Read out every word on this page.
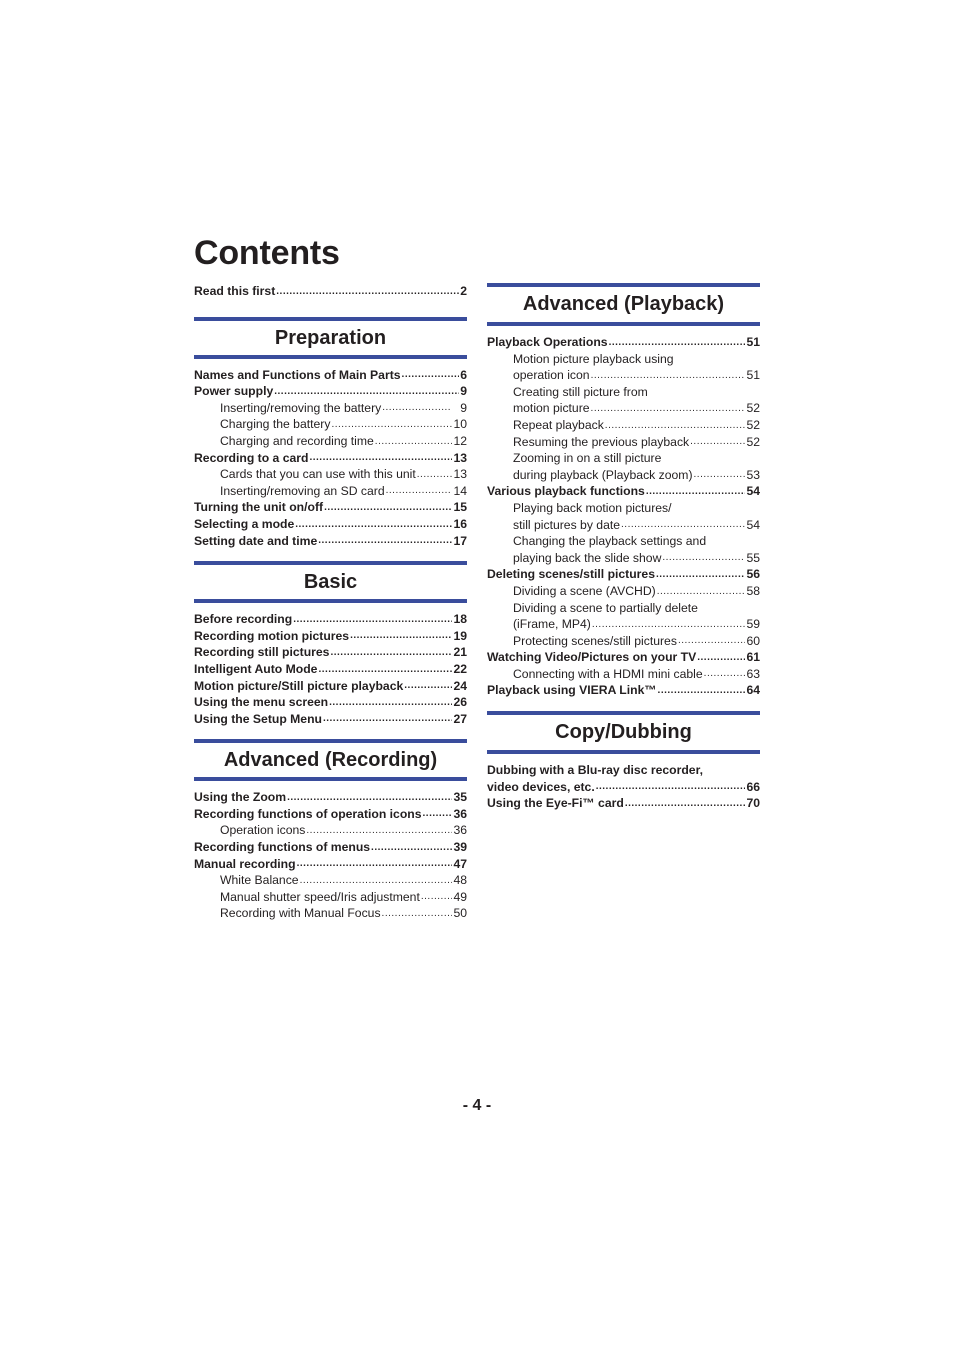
Contents
Read this first .....	2
Preparation
Names and Functions of Main Parts .....	6
Power supply .....	9
Inserting/removing the battery .....	9
Charging the battery .....	10
Charging and recording time .....	12
Recording to a card .....	13
Cards that you can use with this unit .....	13
Inserting/removing an SD card .....	14
Turning the unit on/off .....	15
Selecting a mode .....	16
Setting date and time .....	17
Basic
Before recording .....	18
Recording motion pictures .....	19
Recording still pictures .....	21
Intelligent Auto Mode .....	22
Motion picture/Still picture playback .....	24
Using the menu screen .....	26
Using the Setup Menu .....	27
Advanced (Recording)
Using the Zoom .....	35
Recording functions of operation icons .....	36
Operation icons .....	36
Recording functions of menus .....	39
Manual recording .....	47
White Balance .....	48
Manual shutter speed/Iris adjustment .....	49
Recording with Manual Focus .....	50
Advanced (Playback)
Playback Operations .....	51
Motion picture playback using
operation icon .....	51
Creating still picture from
motion picture .....	52
Repeat playback .....	52
Resuming the previous playback .....	52
Zooming in on a still picture
during playback (Playback zoom) .....	53
Various playback functions .....	54
Playing back motion pictures/
still pictures by date .....	54
Changing the playback settings and
playing back the slide show .....	55
Deleting scenes/still pictures .....	56
Dividing a scene (AVCHD) .....	58
Dividing a scene to partially delete
(iFrame, MP4) .....	59
Protecting scenes/still pictures .....	60
Watching Video/Pictures on your TV .....	61
Connecting with a HDMI mini cable .....	63
Playback using VIERA Link™ .....	64
Copy/Dubbing
Dubbing with a Blu-ray disc recorder,
video devices, etc. .....	66
Using the Eye-Fi™ card .....	70
- 4 -
